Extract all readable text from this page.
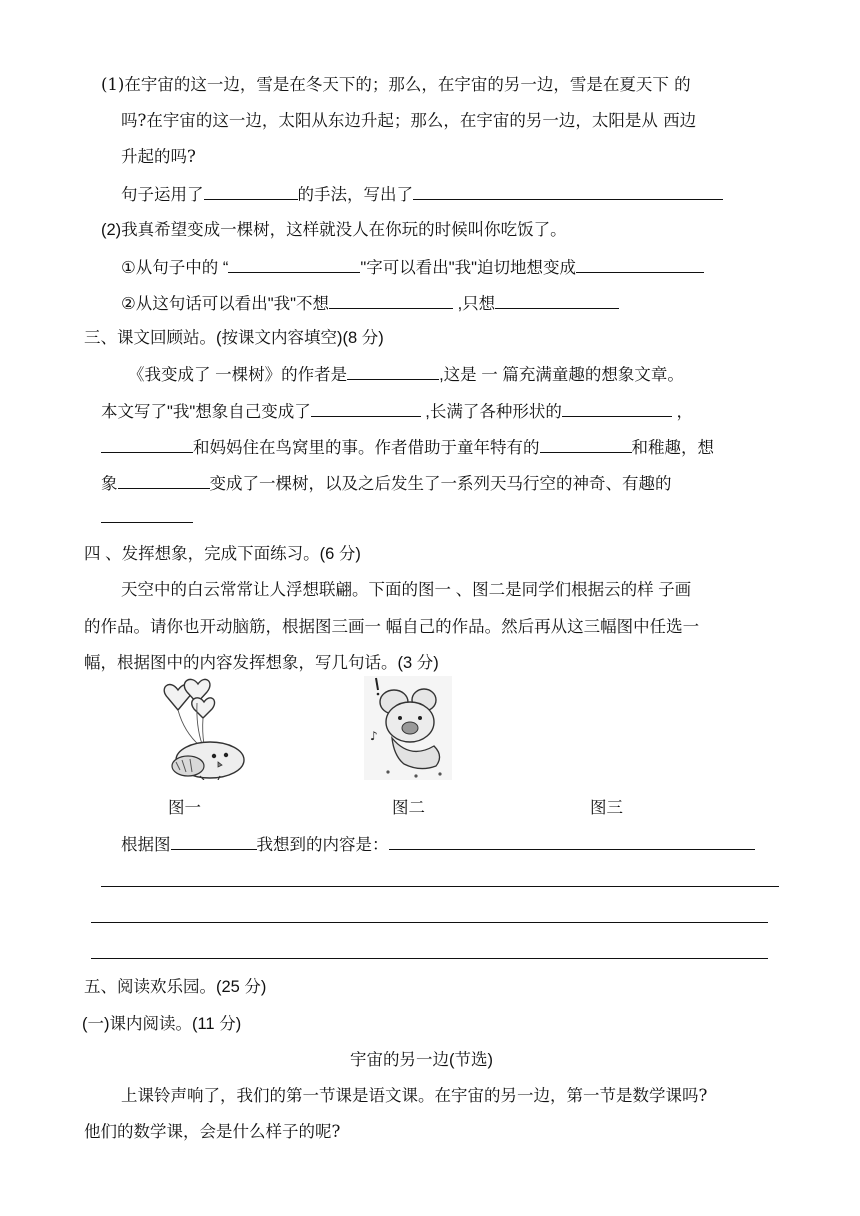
(1)在宇宙的这一边，雪是在冬天下的；那么，在宇宙的另一边，雪是在夏天下 的
吗?在宇宙的这一边，太阳从东边升起；那么，在宇宙的另一边，太阳是从 西边
升起的吗?
句子运用了	的手法，写出了
(2)我真希望变成一棵树，这样就没人在你玩的时候叫你吃饭了。
①从句子中的 “	"字可以看出"我"迫切地想变成
②从这句话可以看出"我"不想	,只想
三、课文回顾站。(按课文内容填空)(8 分)
《我变成了 一棵树》的作者是	,这是 一 篇充满童趣的想象文章。
本文写了"我"想象自己变成了	,长满了各种形状的	，
和妈妈住在鸟窝里的事。作者借助于童年特有的	和稚趣，想
象	变成了一棵树，以及之后发生了一系列天马行空的神奇、有趣的
四 、发挥想象，完成下面练习。(6 分)
天空中的白云常常让人浮想联翩。下面的图一 、图二是同学们根据云的样 子画
的作品。请你也开动脑筋，根据图三画一 幅自己的作品。然后再从这三幅图中任选一
幅，根据图中的内容发挥想象，写几句话。(3 分)
♪
图一	图二	图三
根据图	我想到的内容是：
五、阅读欢乐园。(25 分)
(一)课内阅读。(11 分)
宇宙的另一边(节选)
上课铃声响了，我们的第一节课是语文课。在宇宙的另一边，第一节是数学课吗?
他们的数学课，会是什么样子的呢?
